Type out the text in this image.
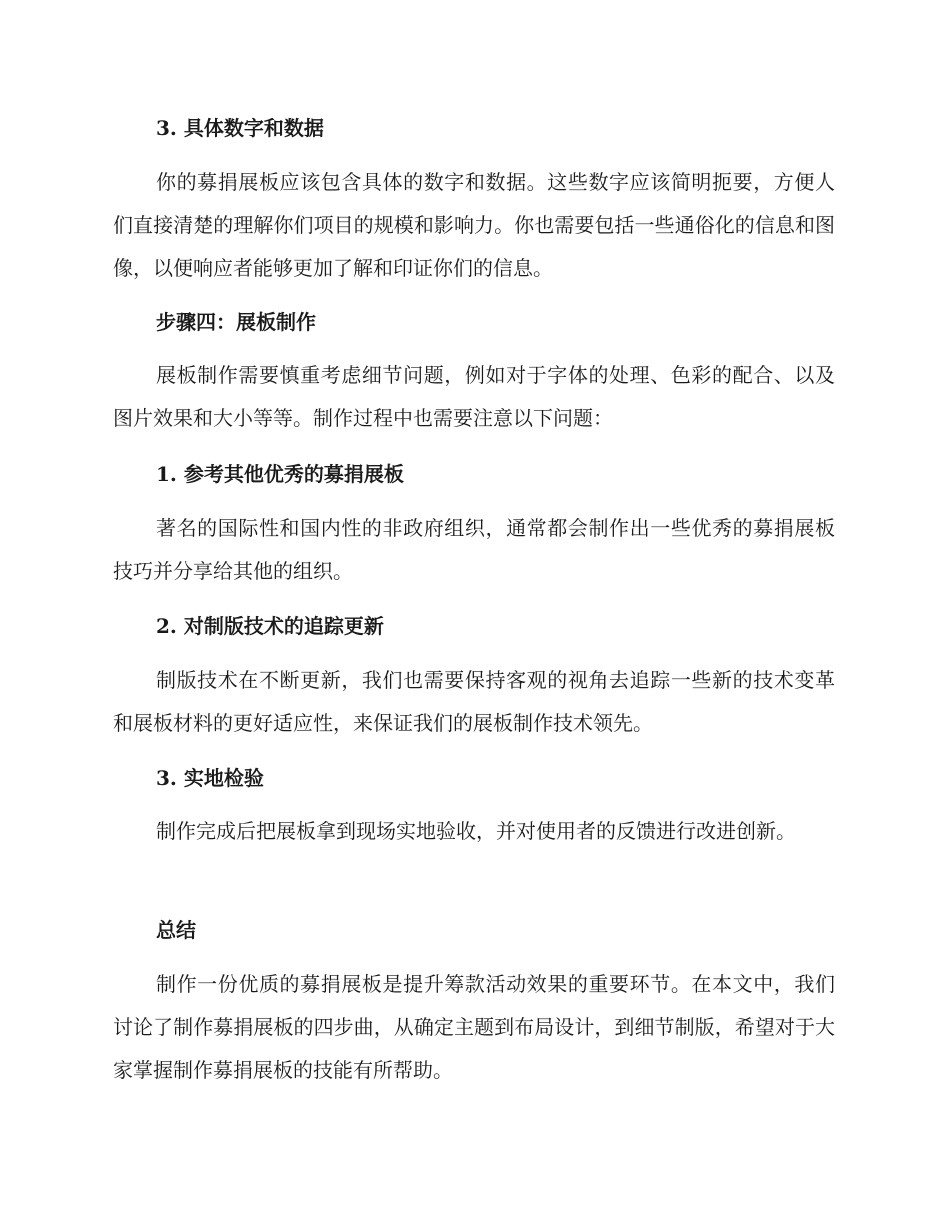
3. 具体数字和数据
你的募捐展板应该包含具体的数字和数据。这些数字应该简明扼要，方便人们直接清楚的理解你们项目的规模和影响力。你也需要包括一些通俗化的信息和图像，以便响应者能够更加了解和印证你们的信息。
步骤四：展板制作
展板制作需要慎重考虑细节问题，例如对于字体的处理、色彩的配合、以及图片效果和大小等等。制作过程中也需要注意以下问题：
1. 参考其他优秀的募捐展板
著名的国际性和国内性的非政府组织，通常都会制作出一些优秀的募捐展板技巧并分享给其他的组织。
2. 对制版技术的追踪更新
制版技术在不断更新，我们也需要保持客观的视角去追踪一些新的技术变革和展板材料的更好适应性，来保证我们的展板制作技术领先。
3. 实地检验
制作完成后把展板拿到现场实地验收，并对使用者的反馈进行改进创新。
总结
制作一份优质的募捐展板是提升筹款活动效果的重要环节。在本文中，我们讨论了制作募捐展板的四步曲，从确定主题到布局设计，到细节制版，希望对于大家掌握制作募捐展板的技能有所帮助。
